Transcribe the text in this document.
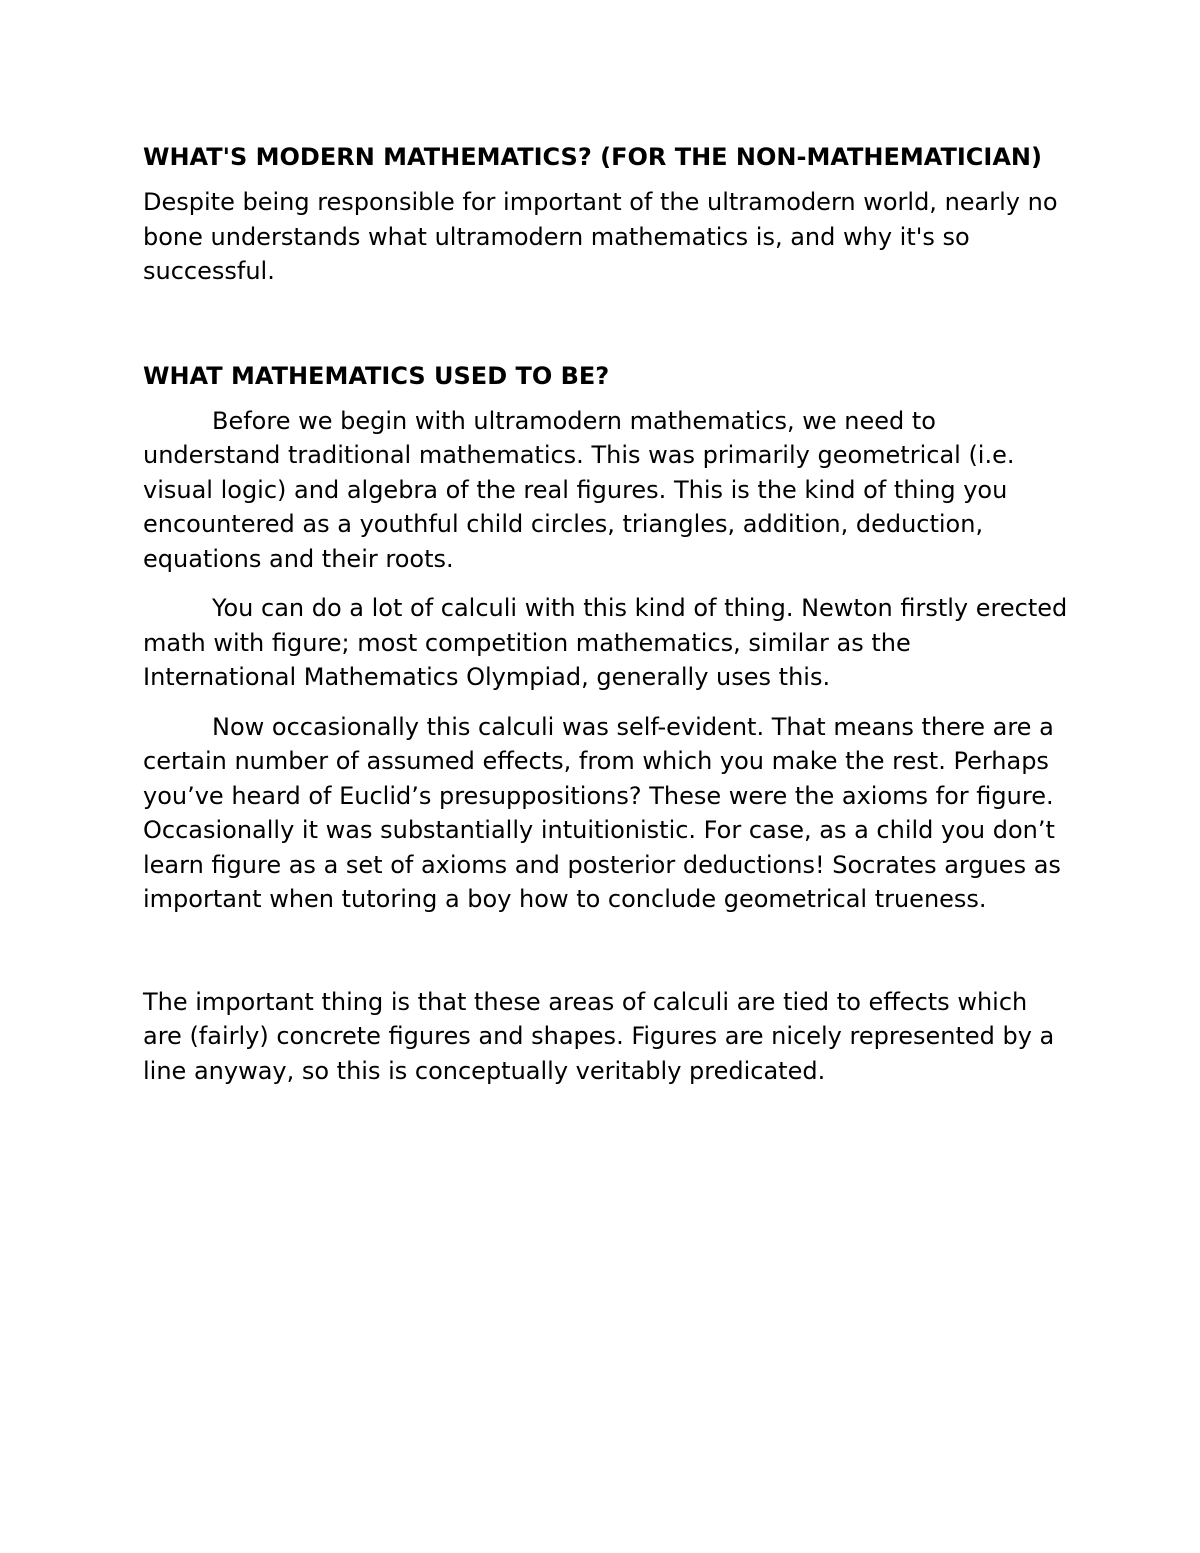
WHAT'S MODERN MATHEMATICS? (FOR THE NON-MATHEMATICIAN)
Despite being responsible for important of the ultramodern world, nearly no bone understands what ultramodern mathematics is, and why it's so successful.
WHAT MATHEMATICS USED TO BE?
Before we begin with ultramodern mathematics, we need to understand traditional mathematics. This was primarily geometrical (i.e. visual logic) and algebra of the real figures. This is the kind of thing you encountered as a youthful child circles, triangles, addition, deduction, equations and their roots.
You can do a lot of calculi with this kind of thing. Newton firstly erected math with figure; most competition mathematics, similar as the International Mathematics Olympiad, generally uses this.
Now occasionally this calculi was self-evident. That means there are a certain number of assumed effects, from which you make the rest. Perhaps you’ve heard of Euclid’s presuppositions? These were the axioms for figure. Occasionally it was substantially intuitionistic. For case, as a child you don’t learn figure as a set of axioms and posterior deductions! Socrates argues as important when tutoring a boy how to conclude geometrical trueness.
The important thing is that these areas of calculi are tied to effects which are (fairly) concrete figures and shapes. Figures are nicely represented by a line anyway, so this is conceptually veritably predicated.
